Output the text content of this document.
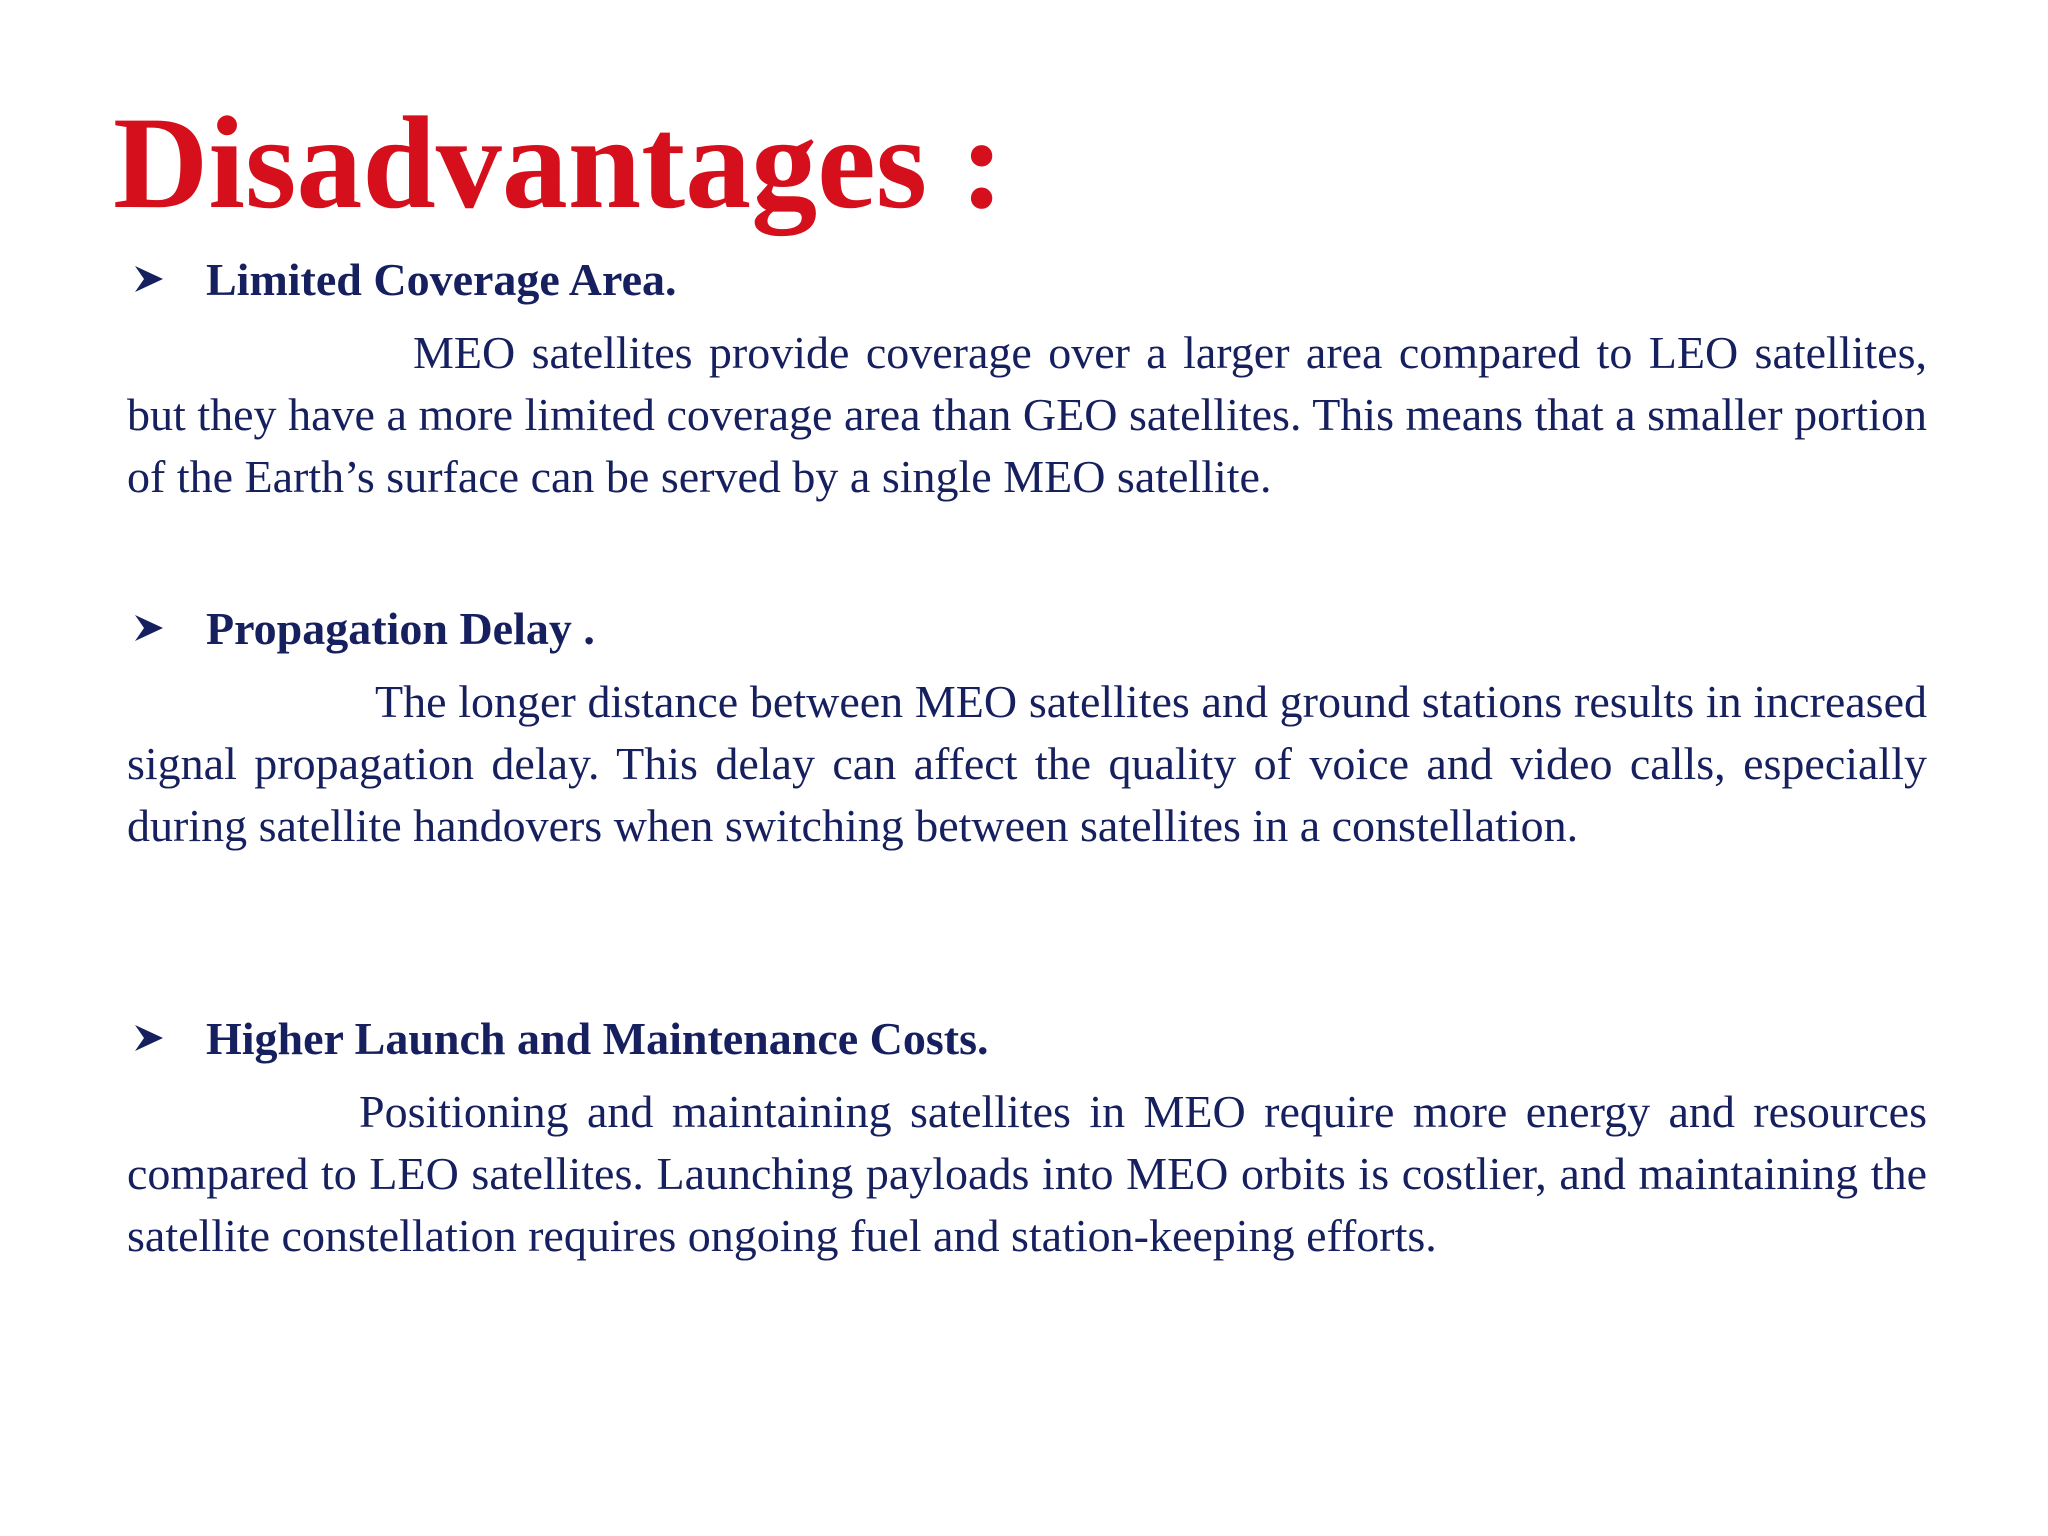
Disadvantages :
Limited Coverage Area.

MEO satellites provide coverage over a larger area compared to LEO satellites, but they have a more limited coverage area than GEO satellites. This means that a smaller portion of the Earth’s surface can be served by a single MEO satellite.

Propagation Delay .

The longer distance between MEO satellites and ground stations results in increased signal propagation delay. This delay can affect the quality of voice and video calls, especially during satellite handovers when switching between satellites in a constellation.

Higher Launch and Maintenance Costs.

Positioning and maintaining satellites in MEO require more energy and resources compared to LEO satellites. Launching payloads into MEO orbits is costlier, and maintaining the satellite constellation requires ongoing fuel and station-keeping efforts.
